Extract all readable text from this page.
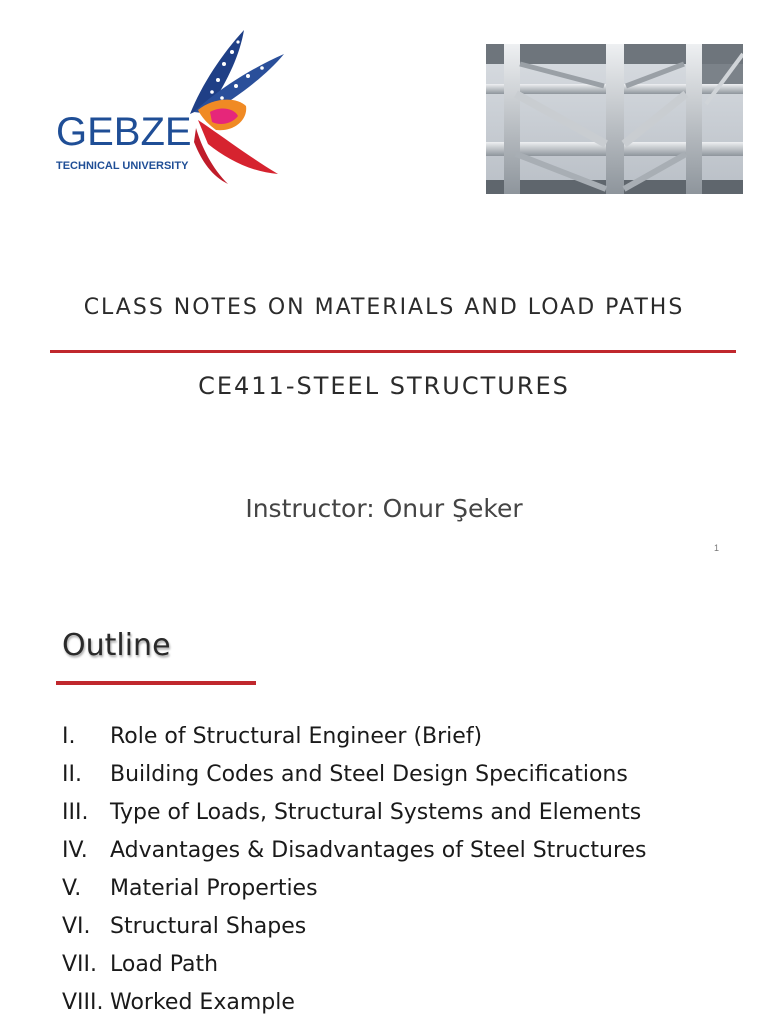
GEBZE
TECHNICAL UNIVERSITY
CLASS NOTES ON MATERIALS AND LOAD PATHS
CE411-STEEL STRUCTURES
Instructor: Onur Şeker
1
Outline
I. Role of Structural Engineer (Brief)
II. Building Codes and Steel Design Specifications
III. Type of Loads, Structural Systems and Elements
IV. Advantages & Disadvantages of Steel Structures
V. Material Properties
VI. Structural Shapes
VII. Load Path
VIII. Worked Example
